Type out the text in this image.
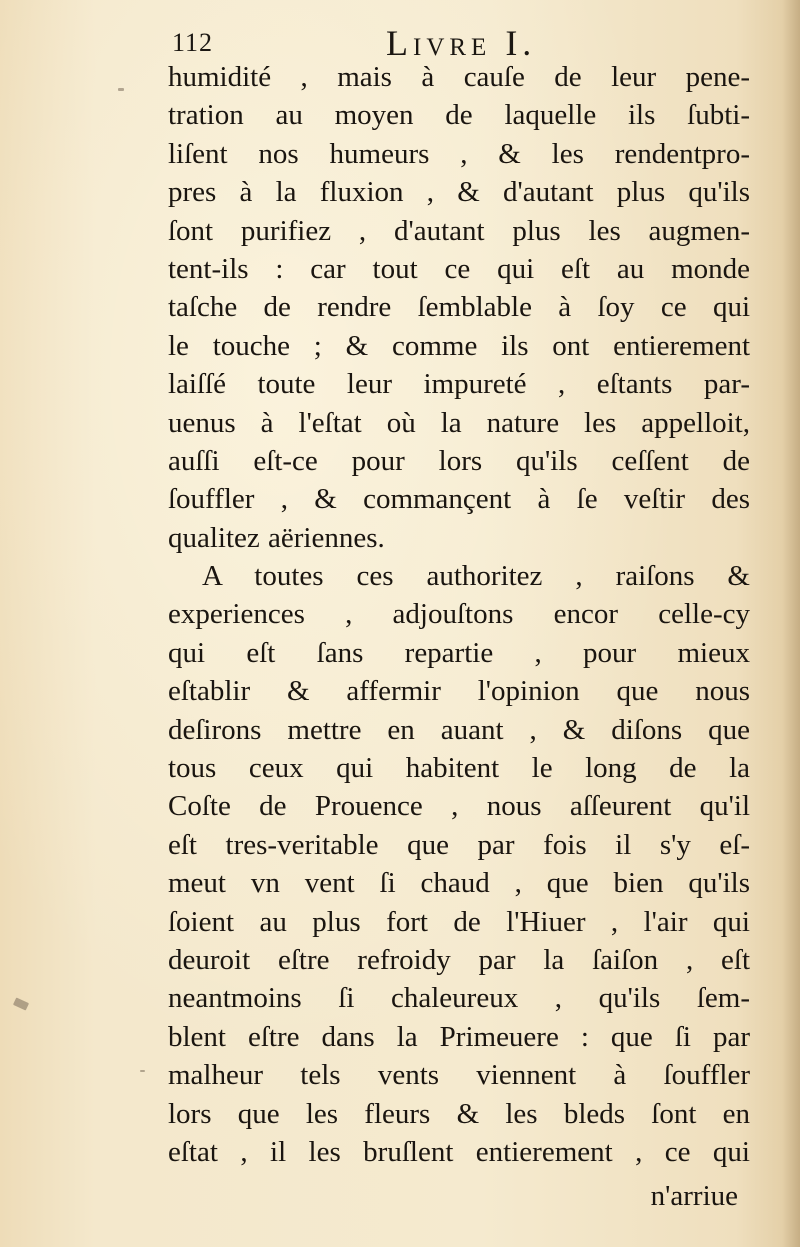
112	Livre I.
humidité , mais à cauſe de leur pene-
tration au moyen de laquelle ils ſubti-
liſent nos humeurs , & les rendentpro-
pres à la fluxion , & d'autant plus qu'ils
ſont purifiez , d'autant plus les augmen-
tent-ils : car tout ce qui eſt au monde
taſche de rendre ſemblable à ſoy ce qui
le touche ; & comme ils ont entierement
laiſſé toute leur impureté , eſtants par-
uenus à l'eſtat où la nature les appelloit,
auſſi eſt-ce pour lors qu'ils ceſſent de
ſouffler , & commançent à ſe veſtir des
qualitez aëriennes.
A toutes ces authoritez , raiſons &
experiences , adjouſtons encor celle-cy
qui eſt ſans repartie , pour mieux
eſtablir & affermir l'opinion que nous
deſirons mettre en auant , & diſons que
tous ceux qui habitent le long de la
Coſte de Prouence , nous aſſeurent qu'il
eſt tres-veritable que par fois il s'y eſ-
meut vn vent ſi chaud , que bien qu'ils
ſoient au plus fort de l'Hiuer , l'air qui
deuroit eſtre refroidy par la ſaiſon , eſt
neantmoins ſi chaleureux , qu'ils ſem-
blent eſtre dans la Primeuere : que ſi par
malheur tels vents viennent à ſouffler
lors que les fleurs & les bleds ſont en
eſtat , il les bruſlent entierement , ce qui
n'arriue
